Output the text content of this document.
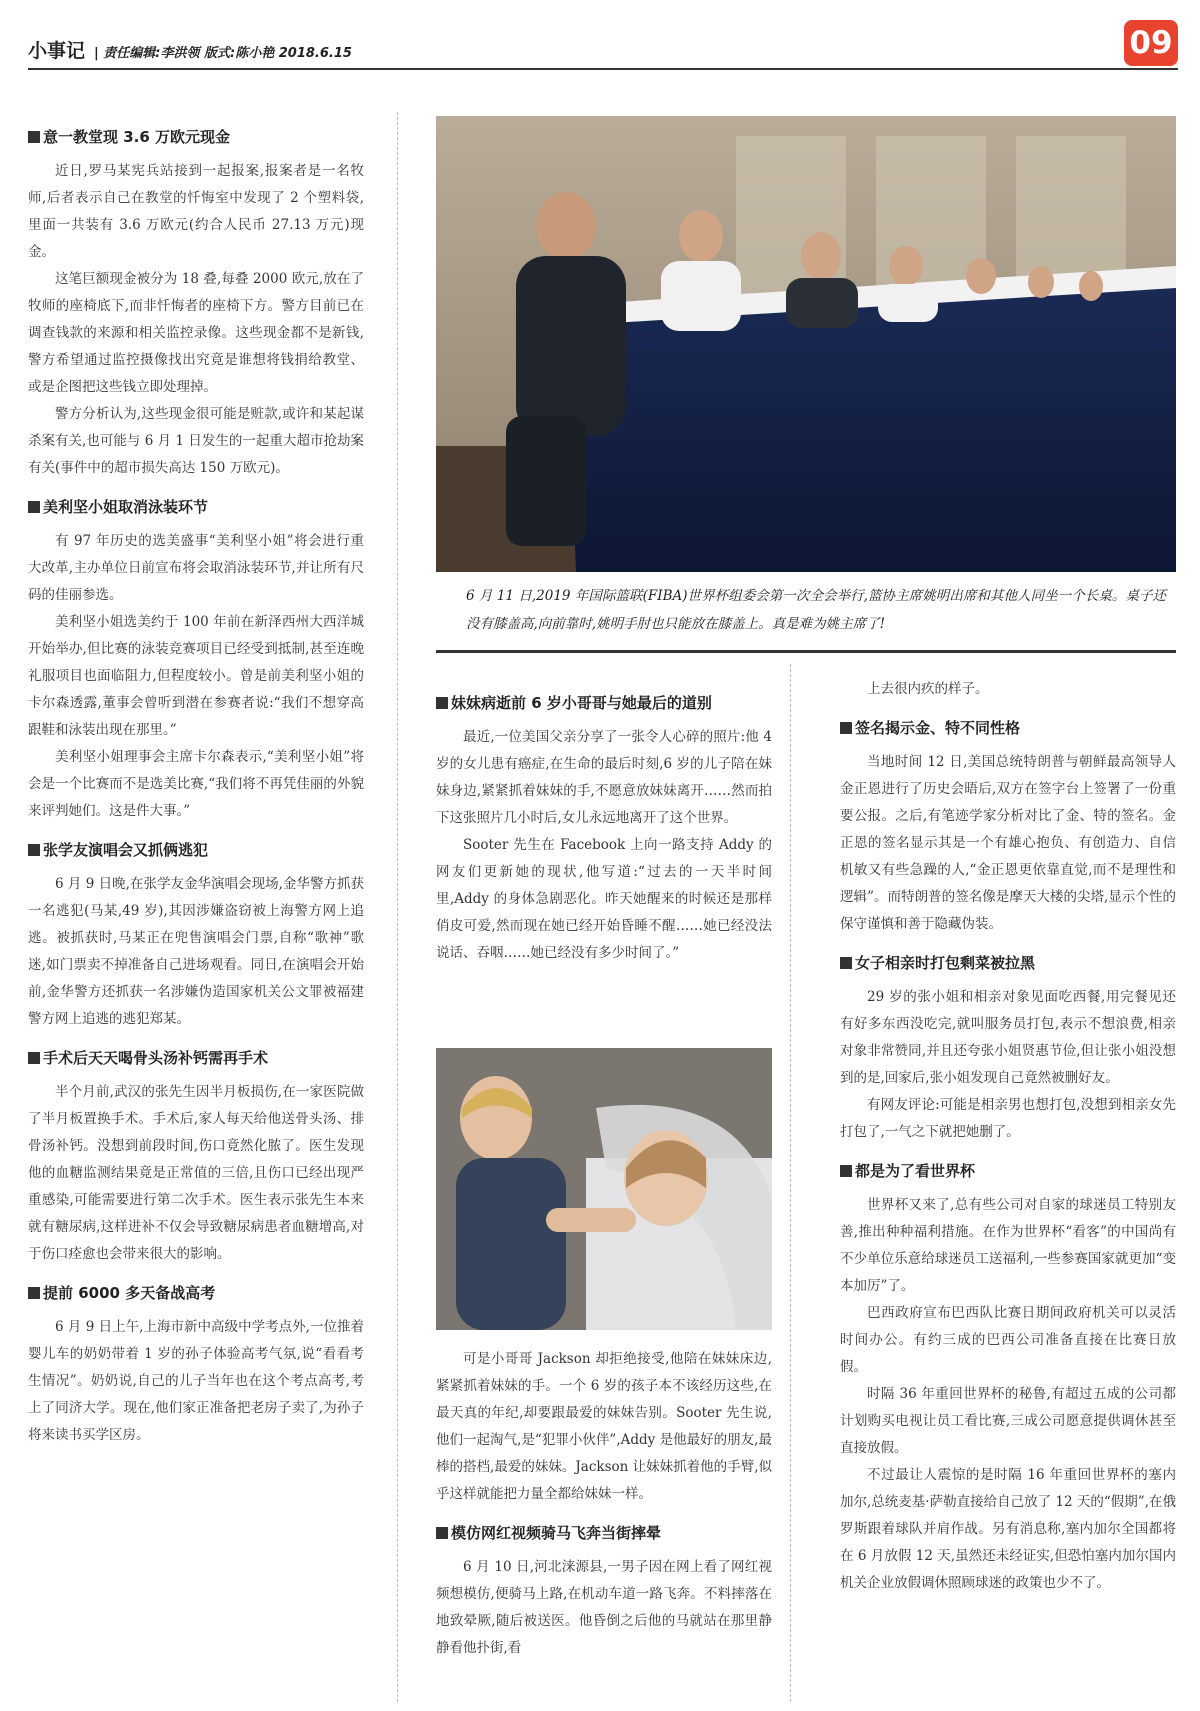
小事记 | 责任编辑:李洪领 版式:陈小艳 2018.6.15	09
意一教堂现 3.6 万欧元现金

近日,罗马某宪兵站接到一起报案,报案者是一名牧师,后者表示自己在教堂的忏悔室中发现了 2 个塑料袋,里面一共装有 3.6 万欧元(约合人民币 27.13 万元)现金。

这笔巨额现金被分为 18 叠,每叠 2000 欧元,放在了牧师的座椅底下,而非忏悔者的座椅下方。警方目前已在调查钱款的来源和相关监控录像。这些现金都不是新钱,警方希望通过监控摄像找出究竟是谁想将钱捐给教堂、或是企图把这些钱立即处理掉。

警方分析认为,这些现金很可能是赃款,或许和某起谋杀案有关,也可能与 6 月 1 日发生的一起重大超市抢劫案有关(事件中的超市损失高达 150 万欧元)。

美利坚小姐取消泳装环节

有 97 年历史的选美盛事“美利坚小姐”将会进行重大改革,主办单位日前宣布将会取消泳装环节,并让所有尺码的佳丽参选。

美利坚小姐选美约于 100 年前在新泽西州大西洋城开始举办,但比赛的泳装竞赛项目已经受到抵制,甚至连晚礼服项目也面临阻力,但程度较小。曾是前美利坚小姐的卡尔森透露,董事会曾听到潜在参赛者说:“我们不想穿高跟鞋和泳装出现在那里。”

美利坚小姐理事会主席卡尔森表示,“美利坚小姐”将会是一个比赛而不是选美比赛,“我们将不再凭佳丽的外貌来评判她们。这是件大事。”

张学友演唱会又抓俩逃犯

6 月 9 日晚,在张学友金华演唱会现场,金华警方抓获一名逃犯(马某,49 岁),其因涉嫌盗窃被上海警方网上追逃。被抓获时,马某正在兜售演唱会门票,自称“歌神”歌迷,如门票卖不掉准备自己进场观看。同日,在演唱会开始前,金华警方还抓获一名涉嫌伪造国家机关公文罪被福建警方网上追逃的逃犯郑某。

手术后天天喝骨头汤补钙需再手术

半个月前,武汉的张先生因半月板损伤,在一家医院做了半月板置换手术。手术后,家人每天给他送骨头汤、排骨汤补钙。没想到前段时间,伤口竟然化脓了。医生发现他的血糖监测结果竟是正常值的三倍,且伤口已经出现严重感染,可能需要进行第二次手术。医生表示张先生本来就有糖尿病,这样进补不仅会导致糖尿病患者血糖增高,对于伤口痊愈也会带来很大的影响。

提前 6000 多天备战高考

6 月 9 日上午,上海市新中高级中学考点外,一位推着婴儿车的奶奶带着 1 岁的孙子体验高考气氛,说“看看考生情况”。奶奶说,自己的儿子当年也在这个考点高考,考上了同济大学。现在,他们家正准备把老房子卖了,为孙子将来读书买学区房。

6 月 11 日,2019 年国际篮联(FIBA)世界杯组委会第一次全会举行,篮协主席姚明出席和其他人同坐一个长桌。桌子还没有膝盖高,向前靠时,姚明手肘也只能放在膝盖上。真是难为姚主席了!
妹妹病逝前 6 岁小哥哥与她最后的道别

最近,一位美国父亲分享了一张令人心碎的照片:他 4 岁的女儿患有癌症,在生命的最后时刻,6 岁的儿子陪在妹妹身边,紧紧抓着妹妹的手,不愿意放妹妹离开……然而拍下这张照片几小时后,女儿永远地离开了这个世界。

Sooter 先生在 Facebook 上向一路支持 Addy 的网友们更新她的现状,他写道:“过去的一天半时间里,Addy 的身体急剧恶化。昨天她醒来的时候还是那样俏皮可爱,然而现在她已经开始昏睡不醒……她已经没法说话、吞咽……她已经没有多少时间了。”

可是小哥哥 Jackson 却拒绝接受,他陪在妹妹床边,紧紧抓着妹妹的手。一个 6 岁的孩子本不该经历这些,在最天真的年纪,却要跟最爱的妹妹告别。Sooter 先生说,他们一起淘气,是“犯罪小伙伴”,Addy 是他最好的朋友,最棒的搭档,最爱的妹妹。Jackson 让妹妹抓着他的手臂,似乎这样就能把力量全都给妹妹一样。

模仿网红视频骑马飞奔当街摔晕

6 月 10 日,河北涞源县,一男子因在网上看了网红视频想模仿,便骑马上路,在机动车道一路飞奔。不料摔落在地致晕厥,随后被送医。他昏倒之后他的马就站在那里静静看他扑街,看

上去很内疚的样子。

签名揭示金、特不同性格

当地时间 12 日,美国总统特朗普与朝鲜最高领导人金正恩进行了历史会晤后,双方在签字台上签署了一份重要公报。之后,有笔迹学家分析对比了金、特的签名。金正恩的签名显示其是一个有雄心抱负、有创造力、自信机敏又有些急躁的人,“金正恩更依靠直觉,而不是理性和逻辑”。而特朗普的签名像是摩天大楼的尖塔,显示个性的保守谨慎和善于隐藏伪装。

女子相亲时打包剩菜被拉黑

29 岁的张小姐和相亲对象见面吃西餐,用完餐见还有好多东西没吃完,就叫服务员打包,表示不想浪费,相亲对象非常赞同,并且还夸张小姐贤惠节俭,但让张小姐没想到的是,回家后,张小姐发现自己竟然被删好友。

有网友评论:可能是相亲男也想打包,没想到相亲女先打包了,一气之下就把她删了。

都是为了看世界杯

世界杯又来了,总有些公司对自家的球迷员工特别友善,推出种种福利措施。在作为世界杯“看客”的中国尚有不少单位乐意给球迷员工送福利,一些参赛国家就更加“变本加厉”了。

巴西政府宣布巴西队比赛日期间政府机关可以灵活时间办公。有约三成的巴西公司准备直接在比赛日放假。

时隔 36 年重回世界杯的秘鲁,有超过五成的公司都计划购买电视让员工看比赛,三成公司愿意提供调休甚至直接放假。

不过最让人震惊的是时隔 16 年重回世界杯的塞内加尔,总统麦基·萨勒直接给自己放了 12 天的“假期”,在俄罗斯跟着球队并肩作战。另有消息称,塞内加尔全国都将在 6 月放假 12 天,虽然还未经证实,但恐怕塞内加尔国内机关企业放假调休照顾球迷的政策也少不了。
